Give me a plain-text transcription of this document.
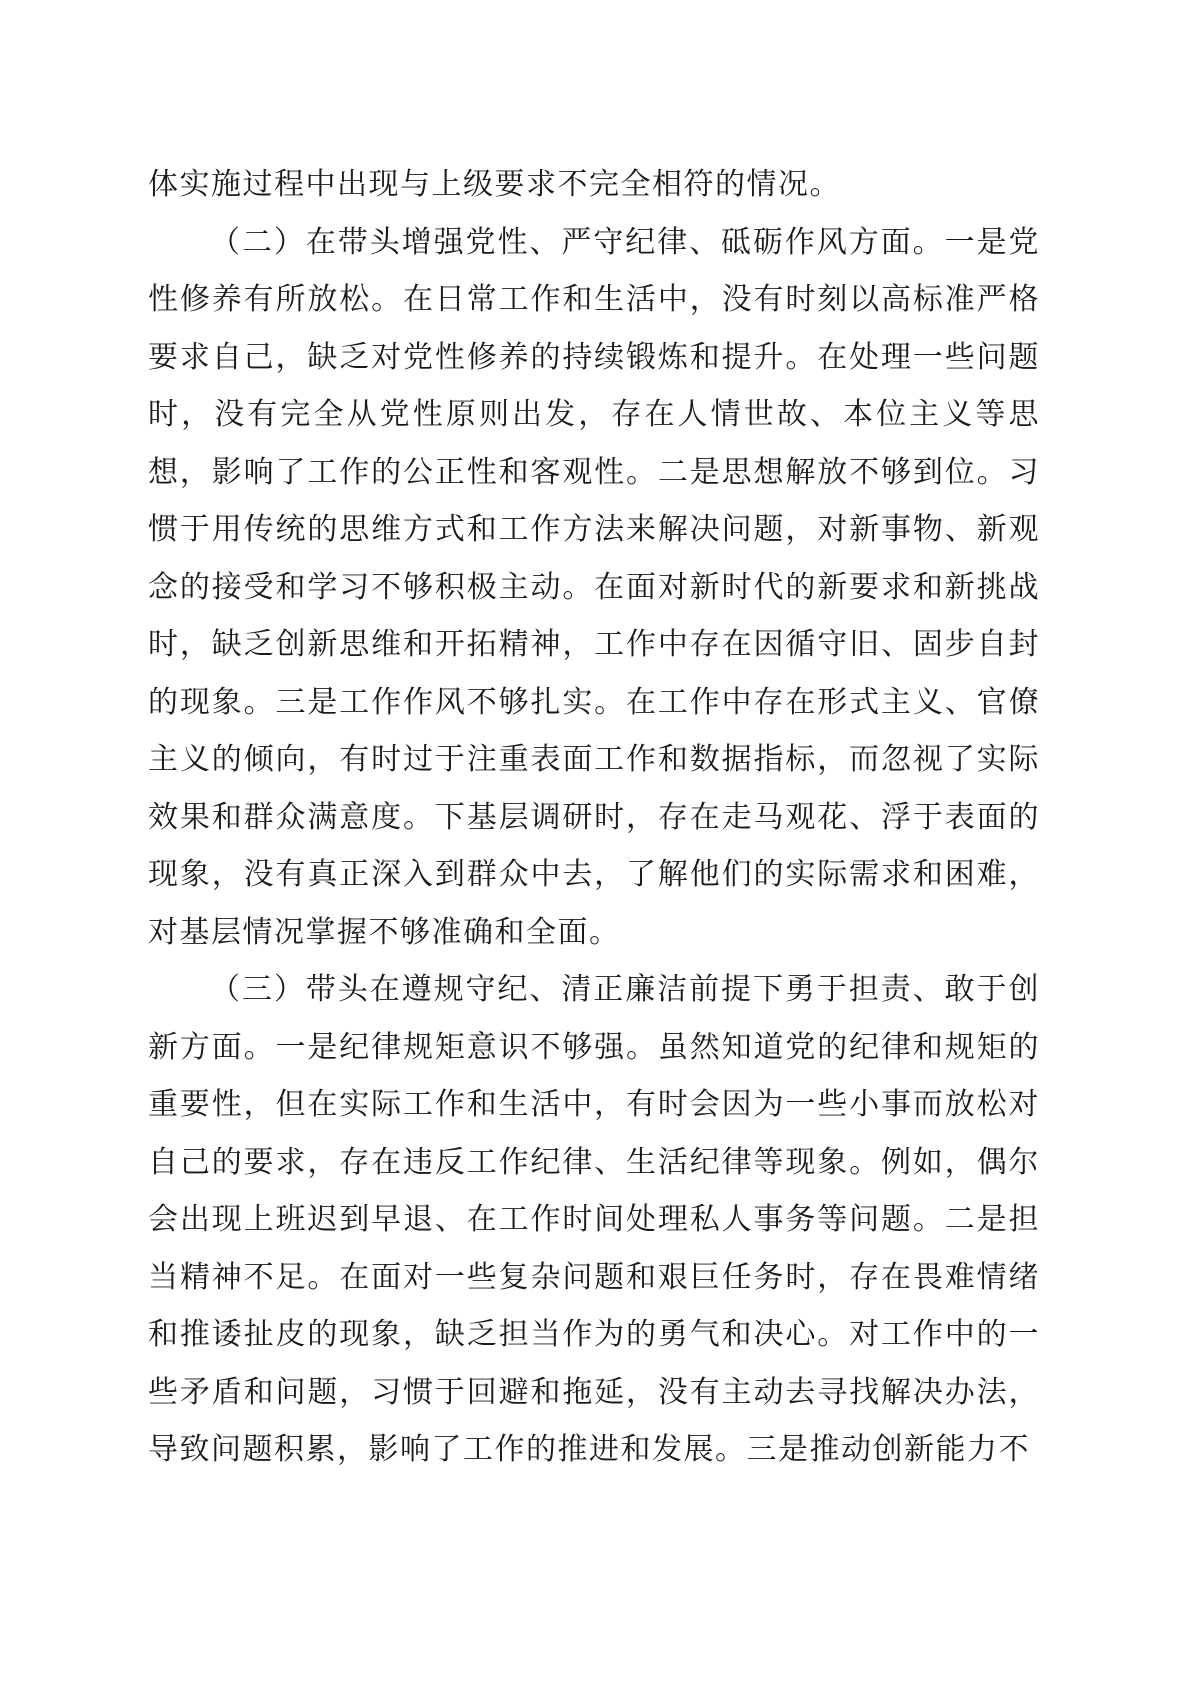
体实施过程中出现与上级要求不完全相符的情况。

（二）在带头增强党性、严守纪律、砥砺作风方面。一是党性修养有所放松。在日常工作和生活中，没有时刻以高标准严格要求自己，缺乏对党性修养的持续锻炼和提升。在处理一些问题时，没有完全从党性原则出发，存在人情世故、本位主义等思想，影响了工作的公正性和客观性。二是思想解放不够到位。习惯于用传统的思维方式和工作方法来解决问题，对新事物、新观念的接受和学习不够积极主动。在面对新时代的新要求和新挑战时，缺乏创新思维和开拓精神，工作中存在因循守旧、固步自封的现象。三是工作作风不够扎实。在工作中存在形式主义、官僚主义的倾向，有时过于注重表面工作和数据指标，而忽视了实际效果和群众满意度。下基层调研时，存在走马观花、浮于表面的现象，没有真正深入到群众中去，了解他们的实际需求和困难，对基层情况掌握不够准确和全面。

（三）带头在遵规守纪、清正廉洁前提下勇于担责、敢于创新方面。一是纪律规矩意识不够强。虽然知道党的纪律和规矩的重要性，但在实际工作和生活中，有时会因为一些小事而放松对自己的要求，存在违反工作纪律、生活纪律等现象。例如，偶尔会出现上班迟到早退、在工作时间处理私人事务等问题。二是担当精神不足。在面对一些复杂问题和艰巨任务时，存在畏难情绪和推诿扯皮的现象，缺乏担当作为的勇气和决心。对工作中的一些矛盾和问题，习惯于回避和拖延，没有主动去寻找解决办法，导致问题积累，影响了工作的推进和发展。三是推动创新能力不
